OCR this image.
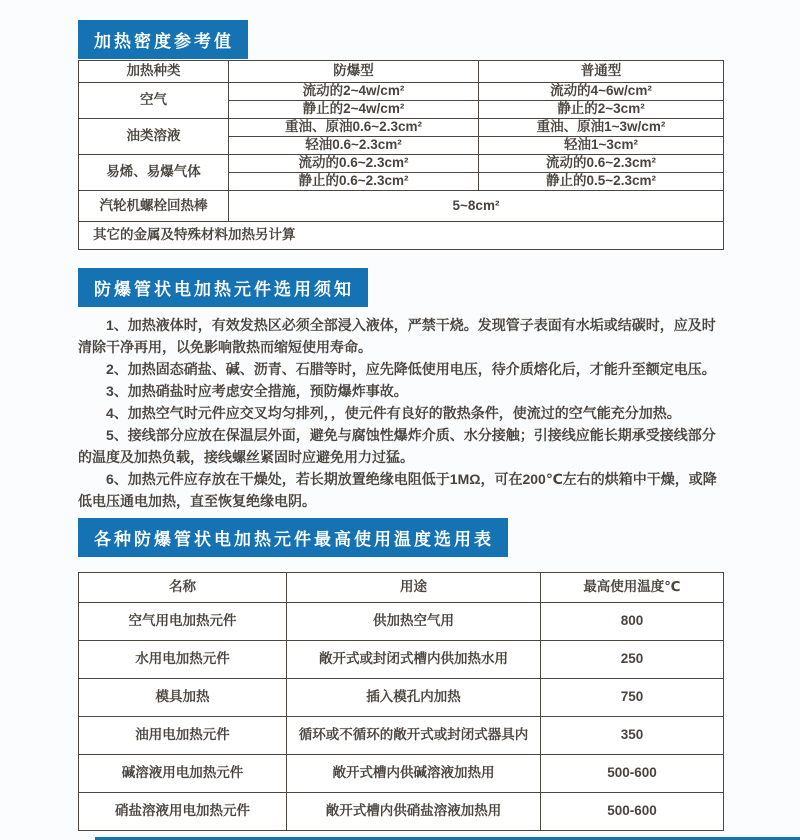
加热密度参考值
加热种类	防爆型	普通型
空气	流动的2~4w/cm²	流动的4~6w/cm²
	静止的2~4w/cm²	静止的2~3cm²
油类溶液	重油、原油0.6~2.3cm²	重油、原油1~3w/cm²
	轻油0.6~2.3cm²	轻油1~3cm²
易烯、易爆气体	流动的0.6~2.3cm²	流动的0.6~2.3cm²
	静止的0.6~2.3cm²	静止的0.5~2.3cm²
汽轮机螺栓回热棒	5~8cm²	
其它的金属及特殊材料加热另计算		
防爆管状电加热元件选用须知

1、加热液体时，有效发热区必须全部浸入液体，严禁干烧。发现管子表面有水垢或结碳时，应及时清除干净再用，以免影响散热而缩短使用寿命。

2、加热固态硝盐、碱、沥青、石腊等时，应先降低使用电压，待介质熔化后，才能升至额定电压。

3、加热硝盐时应考虑安全措施，预防爆炸事故。

4、加热空气时元件应交叉均匀排列，，使元件有良好的散热条件，使流过的空气能充分加热。

5、接线部分应放在保温层外面，避免与腐蚀性爆炸介质、水分接触；引接线应能长期承受接线部分的温度及加热负载，接线螺丝紧固时应避免用力过猛。

6、加热元件应存放在干燥处，若长期放置绝缘电阻低于1MΩ，可在200℃左右的烘箱中干燥，或降低电压通电加热，直至恢复绝缘电阴。

各种防爆管状电加热元件最高使用温度选用表
名称	用途	最高使用温度℃
空气用电加热元件	供加热空气用	800
水用电加热元件	敞开式或封闭式槽内供加热水用	250
模具加热	插入模孔内加热	750
油用电加热元件	循环或不循环的敞开式或封闭式器具内	350
碱溶液用电加热元件	敞开式槽内供碱溶液加热用	500-600
硝盐溶液用电加热元件	敞开式槽内供硝盐溶液加热用	500-600
